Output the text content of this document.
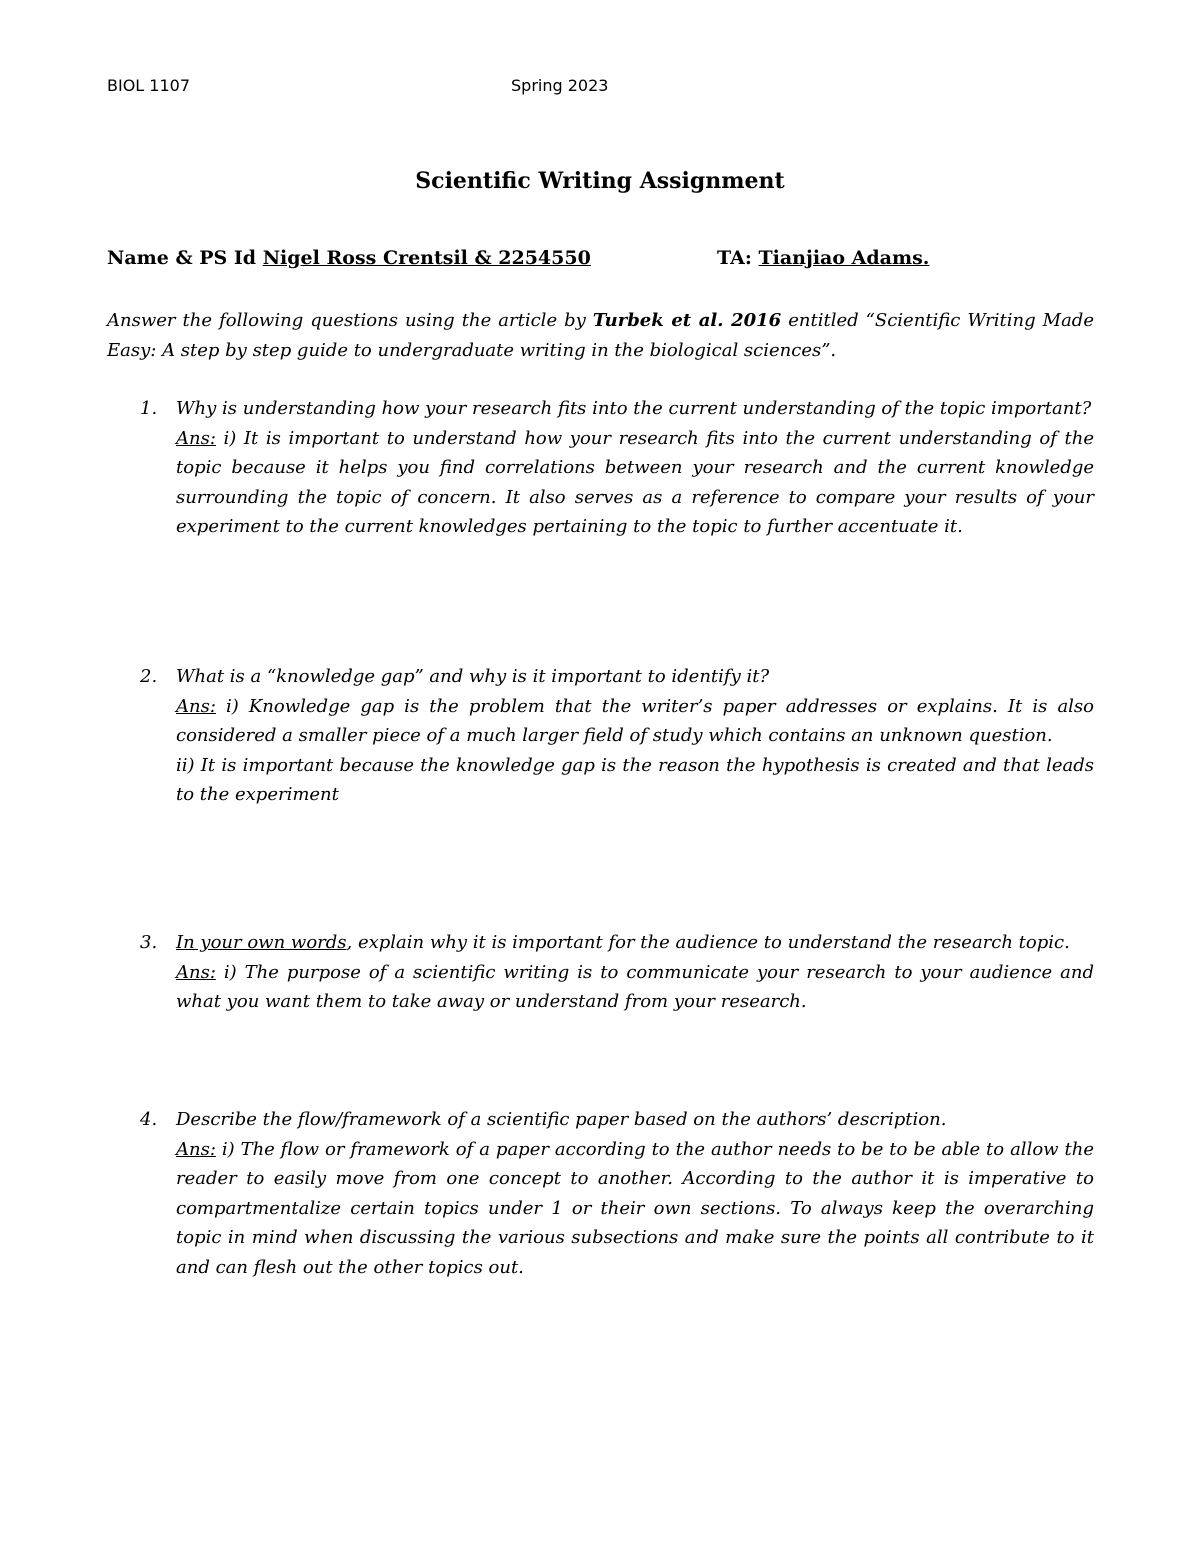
BIOL 1107	Spring 2023
Scientific Writing Assignment
Name & PS Id Nigel Ross Crentsil & 2254550	TA: Tianjiao Adams.
Answer the following questions using the article by Turbek et al. 2016 entitled “Scientific Writing Made Easy: A step by step guide to undergraduate writing in the biological sciences”.
1. Why is understanding how your research fits into the current understanding of the topic important?
Ans: i) It is important to understand how your research fits into the current understanding of the topic because it helps you find correlations between your research and the current knowledge surrounding the topic of concern. It also serves as a reference to compare your results of your experiment to the current knowledges pertaining to the topic to further accentuate it.
2. What is a “knowledge gap” and why is it important to identify it?
Ans: i) Knowledge gap is the problem that the writer’s paper addresses or explains. It is also considered a smaller piece of a much larger field of study which contains an unknown question.
ii) It is important because the knowledge gap is the reason the hypothesis is created and that leads to the experiment
3. In your own words, explain why it is important for the audience to understand the research topic.
Ans: i) The purpose of a scientific writing is to communicate your research to your audience and what you want them to take away or understand from your research.
4. Describe the flow/framework of a scientific paper based on the authors’ description.
Ans: i) The flow or framework of a paper according to the author needs to be to be able to allow the reader to easily move from one concept to another. According to the author it is imperative to compartmentalize certain topics under 1 or their own sections. To always keep the overarching topic in mind when discussing the various subsections and make sure the points all contribute to it and can flesh out the other topics out.
